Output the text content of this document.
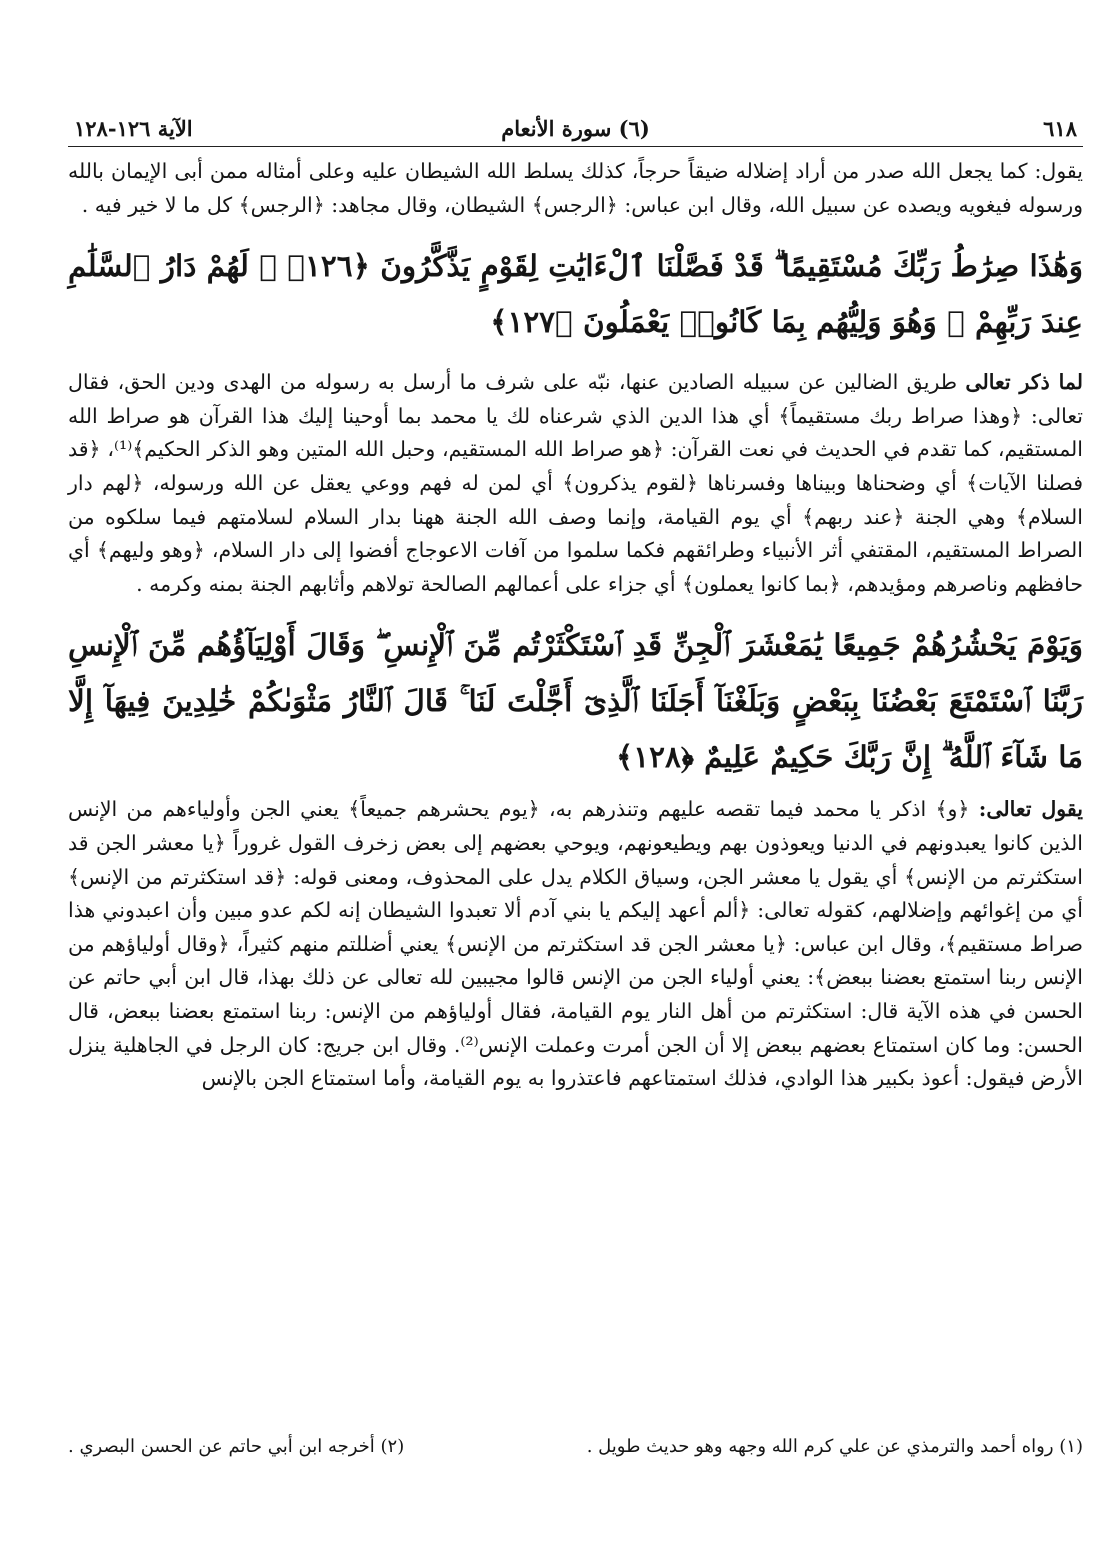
٦١٨
(٦) سورة الأنعام
الآية ١٢٦-١٢٨

يقول: كما يجعل الله صدر من أراد إضلاله ضيقاً حرجاً، كذلك يسلط الله الشيطان عليه وعلى أمثاله ممن أبى الإيمان بالله ورسوله فيغويه ويصده عن سبيل الله، وقال ابن عباس: ﴿الرجس﴾ الشيطان، وقال مجاهد: ﴿الرجس﴾ كل ما لا خير فيه .

وَهَٰذَا صِرَٰطُ رَبِّكَ مُسْتَقِيمًا ۗ قَدْ فَصَّلْنَا ٱلْءَايَٰتِ لِقَوْمٍ يَذَّكَّرُونَ ﴿١٢٦﴾ ۞ لَهُمْ دَارُ ٱلسَّلَٰمِ عِندَ رَبِّهِمْ ۖ وَهُوَ وَلِيُّهُم بِمَا كَانُوا۟ يَعْمَلُونَ ﴿١٢٧﴾

لما ذكر تعالى طريق الضالين عن سبيله الصادين عنها، نبّه على شرف ما أرسل به رسوله من الهدى ودين الحق، فقال تعالى: ﴿وهذا صراط ربك مستقيماً﴾ أي هذا الدين الذي شرعناه لك يا محمد بما أوحينا إليك هذا القرآن هو صراط الله المستقيم، كما تقدم في الحديث في نعت القرآن: ﴿هو صراط الله المستقيم، وحبل الله المتين وهو الذكر الحكيم﴾⁽¹⁾، ﴿قد فصلنا الآيات﴾ أي وضحناها وبيناها وفسرناها ﴿لقوم يذكرون﴾ أي لمن له فهم ووعي يعقل عن الله ورسوله، ﴿لهم دار السلام﴾ وهي الجنة ﴿عند ربهم﴾ أي يوم القيامة، وإنما وصف الله الجنة ههنا بدار السلام لسلامتهم فيما سلكوه من الصراط المستقيم، المقتفي أثر الأنبياء وطرائقهم فكما سلموا من آفات الاعوجاج أفضوا إلى دار السلام، ﴿وهو وليهم﴾ أي حافظهم وناصرهم ومؤيدهم، ﴿بما كانوا يعملون﴾ أي جزاء على أعمالهم الصالحة تولاهم وأثابهم الجنة بمنه وكرمه .

وَيَوْمَ يَحْشُرُهُمْ جَمِيعًا يَٰمَعْشَرَ ٱلْجِنِّ قَدِ ٱسْتَكْثَرْتُم مِّنَ ٱلْإِنسِ ۖ وَقَالَ أَوْلِيَآؤُهُم مِّنَ ٱلْإِنسِ رَبَّنَا ٱسْتَمْتَعَ بَعْضُنَا بِبَعْضٍ وَبَلَغْنَآ أَجَلَنَا ٱلَّذِىٓ أَجَّلْتَ لَنَا ۚ قَالَ ٱلنَّارُ مَثْوَىٰكُمْ خَٰلِدِينَ فِيهَآ إِلَّا مَا شَآءَ ٱللَّهُ ۗ إِنَّ رَبَّكَ حَكِيمٌ عَلِيمٌ ﴿١٢٨﴾

يقول تعالى: ﴿و﴾ اذكر يا محمد فيما تقصه عليهم وتنذرهم به، ﴿يوم يحشرهم جميعاً﴾ يعني الجن وأولياءهم من الإنس الذين كانوا يعبدونهم في الدنيا ويعوذون بهم ويطيعونهم، ويوحي بعضهم إلى بعض زخرف القول غروراً ﴿يا معشر الجن قد استكثرتم من الإنس﴾ أي يقول يا معشر الجن، وسياق الكلام يدل على المحذوف، ومعنى قوله: ﴿قد استكثرتم من الإنس﴾ أي من إغوائهم وإضلالهم، كقوله تعالى: ﴿ألم أعهد إليكم يا بني آدم ألا تعبدوا الشيطان إنه لكم عدو مبين وأن اعبدوني هذا صراط مستقيم﴾، وقال ابن عباس: ﴿يا معشر الجن قد استكثرتم من الإنس﴾ يعني أضللتم منهم كثيراً، ﴿وقال أولياؤهم من الإنس ربنا استمتع بعضنا ببعض﴾: يعني أولياء الجن من الإنس قالوا مجيبين لله تعالى عن ذلك بهذا، قال ابن أبي حاتم عن الحسن في هذه الآية قال: استكثرتم من أهل النار يوم القيامة، فقال أولياؤهم من الإنس: ربنا استمتع بعضنا ببعض، قال الحسن: وما كان استمتاع بعضهم ببعض إلا أن الجن أمرت وعملت الإنس⁽²⁾. وقال ابن جريج: كان الرجل في الجاهلية ينزل الأرض فيقول: أعوذ بكبير هذا الوادي، فذلك استمتاعهم فاعتذروا به يوم القيامة، وأما استمتاع الجن بالإنس

(١) رواه أحمد والترمذي عن علي كرم الله وجهه وهو حديث طويل .
(٢) أخرجه ابن أبي حاتم عن الحسن البصري .
